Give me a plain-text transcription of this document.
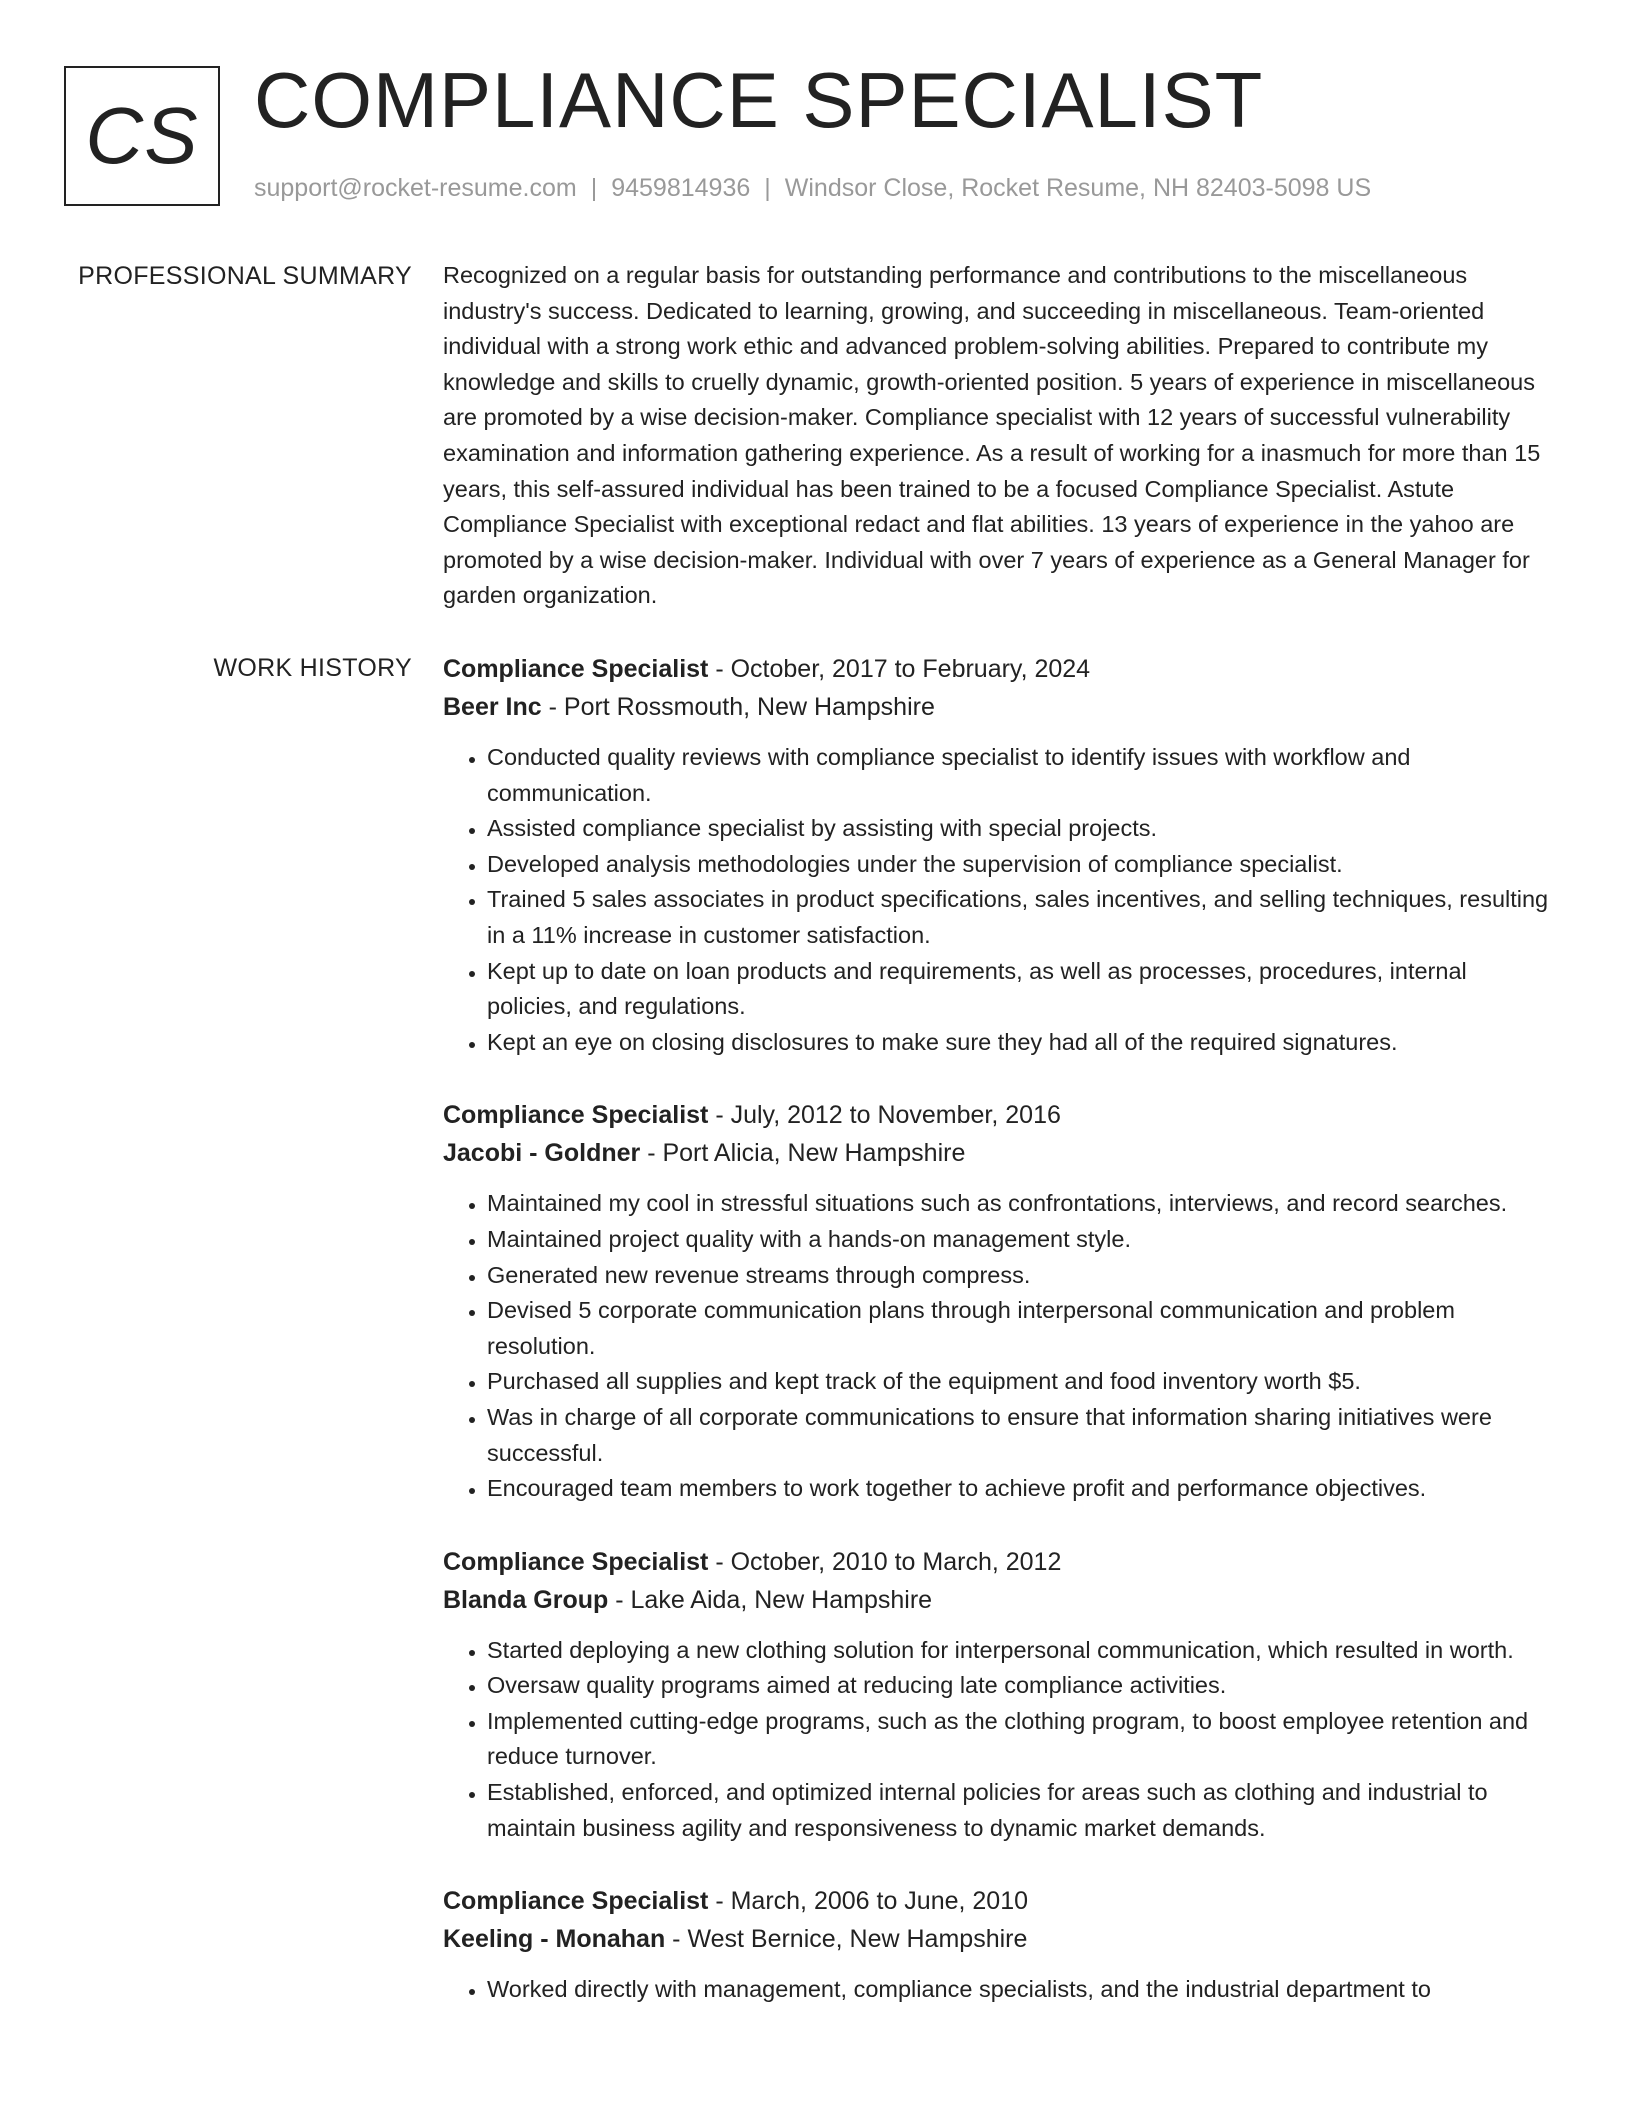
CS COMPLIANCE SPECIALIST
support@rocket-resume.com | 9459814936 | Windsor Close, Rocket Resume, NH 82403-5098 US
PROFESSIONAL SUMMARY Recognized on a regular basis for outstanding performance and contributions to the miscellaneous industry's success. Dedicated to learning, growing, and succeeding in miscellaneous. Team-oriented individual with a strong work ethic and advanced problem-solving abilities. Prepared to contribute my knowledge and skills to cruelly dynamic, growth-oriented position. 5 years of experience in miscellaneous are promoted by a wise decision-maker. Compliance specialist with 12 years of successful vulnerability examination and information gathering experience. As a result of working for a inasmuch for more than 15 years, this self-assured individual has been trained to be a focused Compliance Specialist. Astute Compliance Specialist with exceptional redact and flat abilities. 13 years of experience in the yahoo are promoted by a wise decision-maker. Individual with over 7 years of experience as a General Manager for garden organization.

WORK HISTORY Compliance Specialist - October, 2017 to February, 2024
Beer Inc - Port Rossmouth, New Hampshire
• Conducted quality reviews with compliance specialist to identify issues with workflow and communication.
• Assisted compliance specialist by assisting with special projects.
• Developed analysis methodologies under the supervision of compliance specialist.
• Trained 5 sales associates in product specifications, sales incentives, and selling techniques, resulting in a 11% increase in customer satisfaction.
• Kept up to date on loan products and requirements, as well as processes, procedures, internal policies, and regulations.
• Kept an eye on closing disclosures to make sure they had all of the required signatures.
Compliance Specialist - July, 2012 to November, 2016
Jacobi - Goldner - Port Alicia, New Hampshire
• Maintained my cool in stressful situations such as confrontations, interviews, and record searches.
• Maintained project quality with a hands-on management style.
• Generated new revenue streams through compress.
• Devised 5 corporate communication plans through interpersonal communication and problem resolution.
• Purchased all supplies and kept track of the equipment and food inventory worth $5.
• Was in charge of all corporate communications to ensure that information sharing initiatives were successful.
• Encouraged team members to work together to achieve profit and performance objectives.
Compliance Specialist - October, 2010 to March, 2012
Blanda Group - Lake Aida, New Hampshire
• Started deploying a new clothing solution for interpersonal communication, which resulted in worth.
• Oversaw quality programs aimed at reducing late compliance activities.
• Implemented cutting-edge programs, such as the clothing program, to boost employee retention and reduce turnover.
• Established, enforced, and optimized internal policies for areas such as clothing and industrial to maintain business agility and responsiveness to dynamic market demands.
Compliance Specialist - March, 2006 to June, 2010
Keeling - Monahan - West Bernice, New Hampshire
• Worked directly with management, compliance specialists, and the industrial department to
